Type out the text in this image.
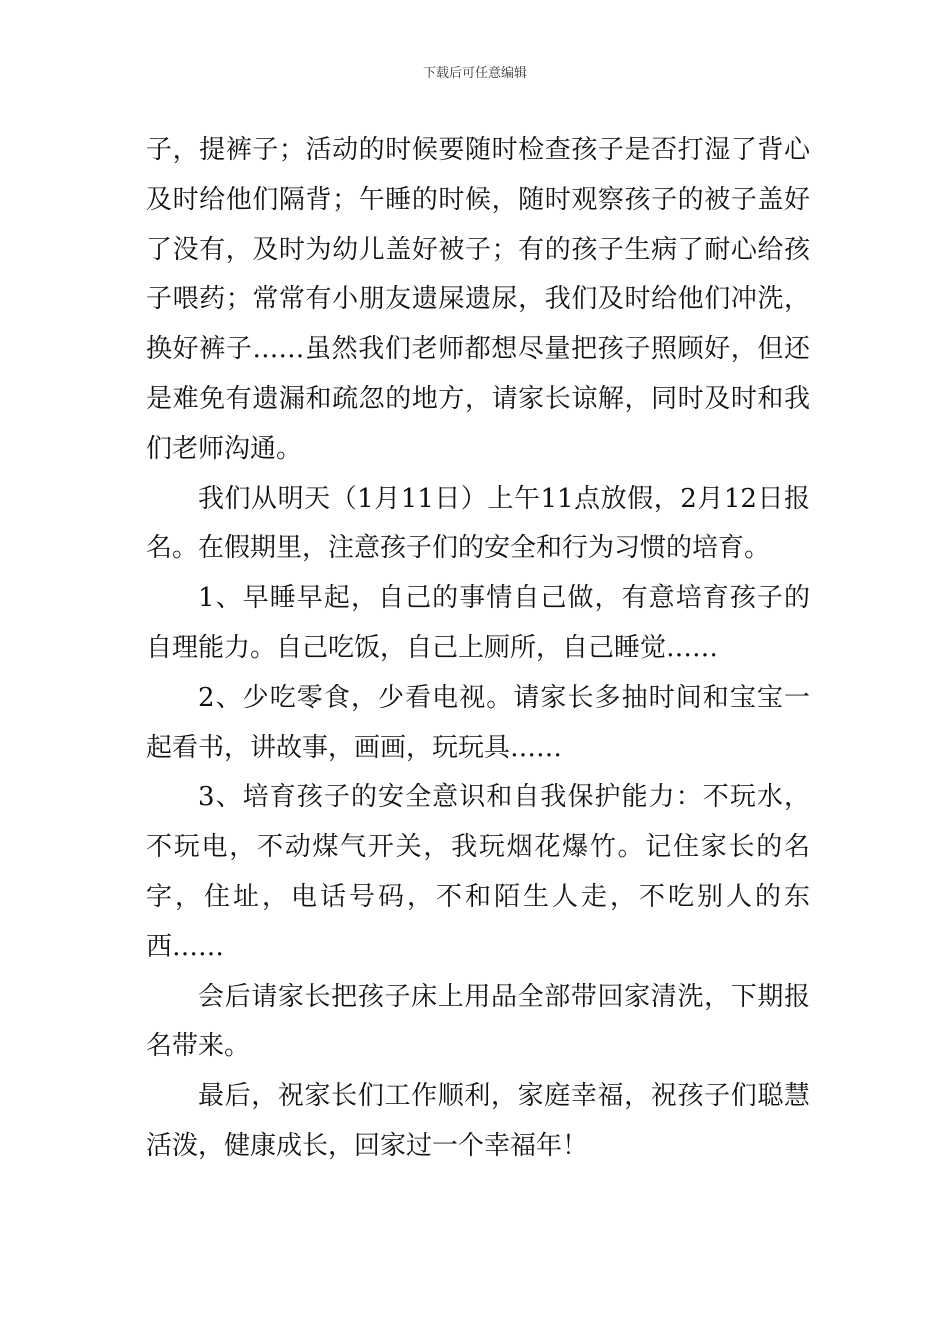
下载后可任意编辑

子，提裤子；活动的时候要随时检查孩子是否打湿了背心及时给他们隔背；午睡的时候，随时观察孩子的被子盖好了没有，及时为幼儿盖好被子；有的孩子生病了耐心给孩子喂药；常常有小朋友遗屎遗尿，我们及时给他们冲洗，换好裤子……虽然我们老师都想尽量把孩子照顾好，但还是难免有遗漏和疏忽的地方，请家长谅解，同时及时和我们老师沟通。

我们从明天（1月11日）上午11点放假，2月12日报名。在假期里，注意孩子们的安全和行为习惯的培育。

1、早睡早起，自己的事情自己做，有意培育孩子的自理能力。自己吃饭，自己上厕所，自己睡觉……

2、少吃零食，少看电视。请家长多抽时间和宝宝一起看书，讲故事，画画，玩玩具……

3、培育孩子的安全意识和自我保护能力：不玩水，不玩电，不动煤气开关，我玩烟花爆竹。记住家长的名字，住址，电话号码，不和陌生人走，不吃别人的东西……

会后请家长把孩子床上用品全部带回家清洗，下期报名带来。

最后，祝家长们工作顺利，家庭幸福，祝孩子们聪慧活泼，健康成长，回家过一个幸福年！
